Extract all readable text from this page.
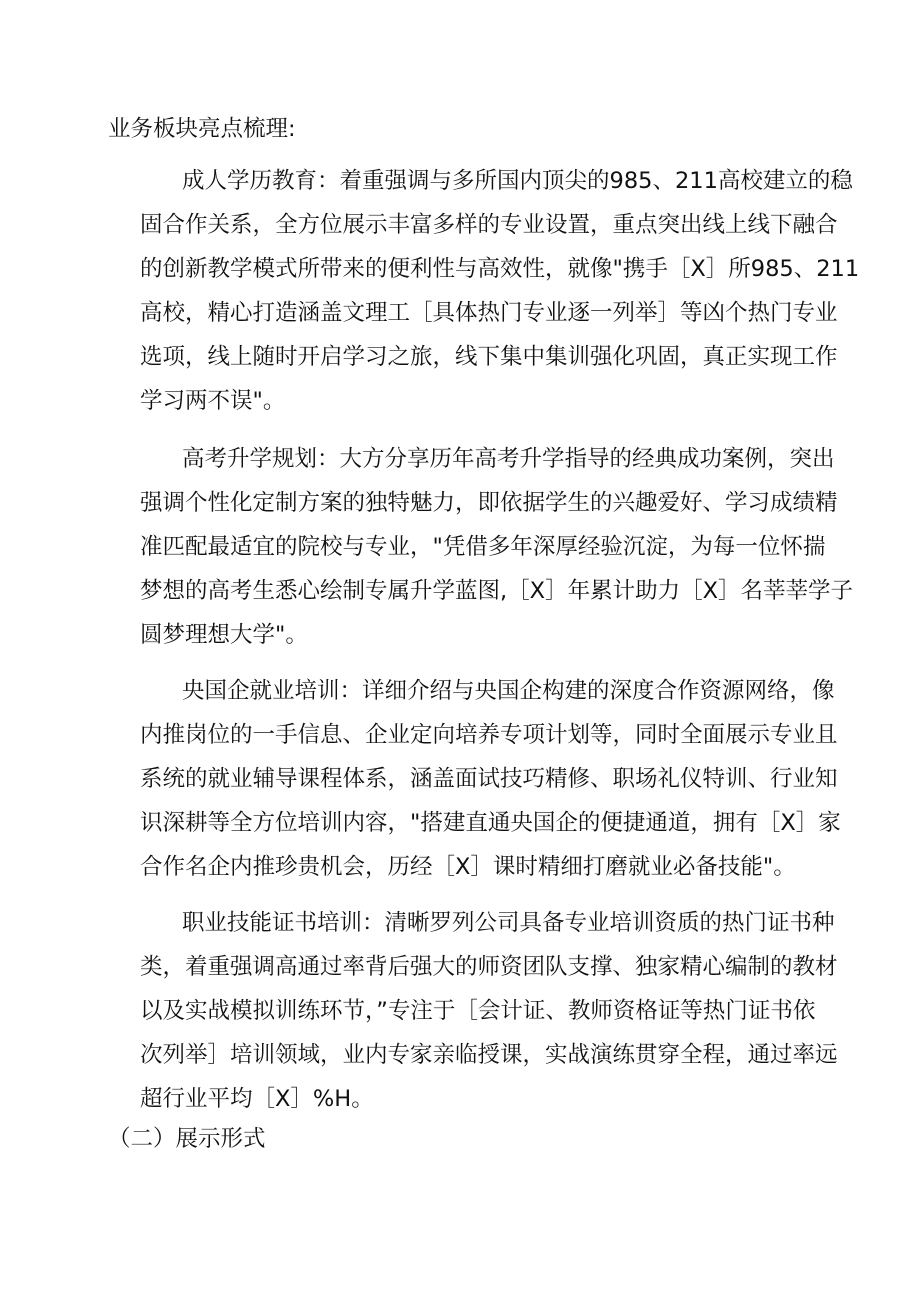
业务板块亮点梳理:
成人学历教育：着重强调与多所国内顶尖的985、211高校建立的稳
固合作关系，全方位展示丰富多样的专业设置，重点突出线上线下融合
的创新教学模式所带来的便利性与高效性，就像"携手［X］所985、211
高校，精心打造涵盖文理工［具体热门专业逐一列举］等凶个热门专业
选项，线上随时开启学习之旅，线下集中集训强化巩固，真正实现工作
学习两不误"。
高考升学规划：大方分享历年高考升学指导的经典成功案例，突出
强调个性化定制方案的独特魅力，即依据学生的兴趣爱好、学习成绩精
准匹配最适宜的院校与专业，"凭借多年深厚经验沉淀，为每一位怀揣
梦想的高考生悉心绘制专属升学蓝图,［X］年累计助力［X］名莘莘学子
圆梦理想大学"。
央国企就业培训：详细介绍与央国企构建的深度合作资源网络，像
内推岗位的一手信息、企业定向培养专项计划等，同时全面展示专业且
系统的就业辅导课程体系，涵盖面试技巧精修、职场礼仪特训、行业知
识深耕等全方位培训内容，"搭建直通央国企的便捷通道，拥有［X］家
合作名企内推珍贵机会，历经［X］课时精细打磨就业必备技能"。
职业技能证书培训：清晰罗列公司具备专业培训资质的热门证书种
类，着重强调高通过率背后强大的师资团队支撑、独家精心编制的教材
以及实战模拟训练环节，”专注于［会计证、教师资格证等热门证书依
次列举］培训领域，业内专家亲临授课，实战演练贯穿全程，通过率远
超行业平均［X］%H。
（二）展示形式
